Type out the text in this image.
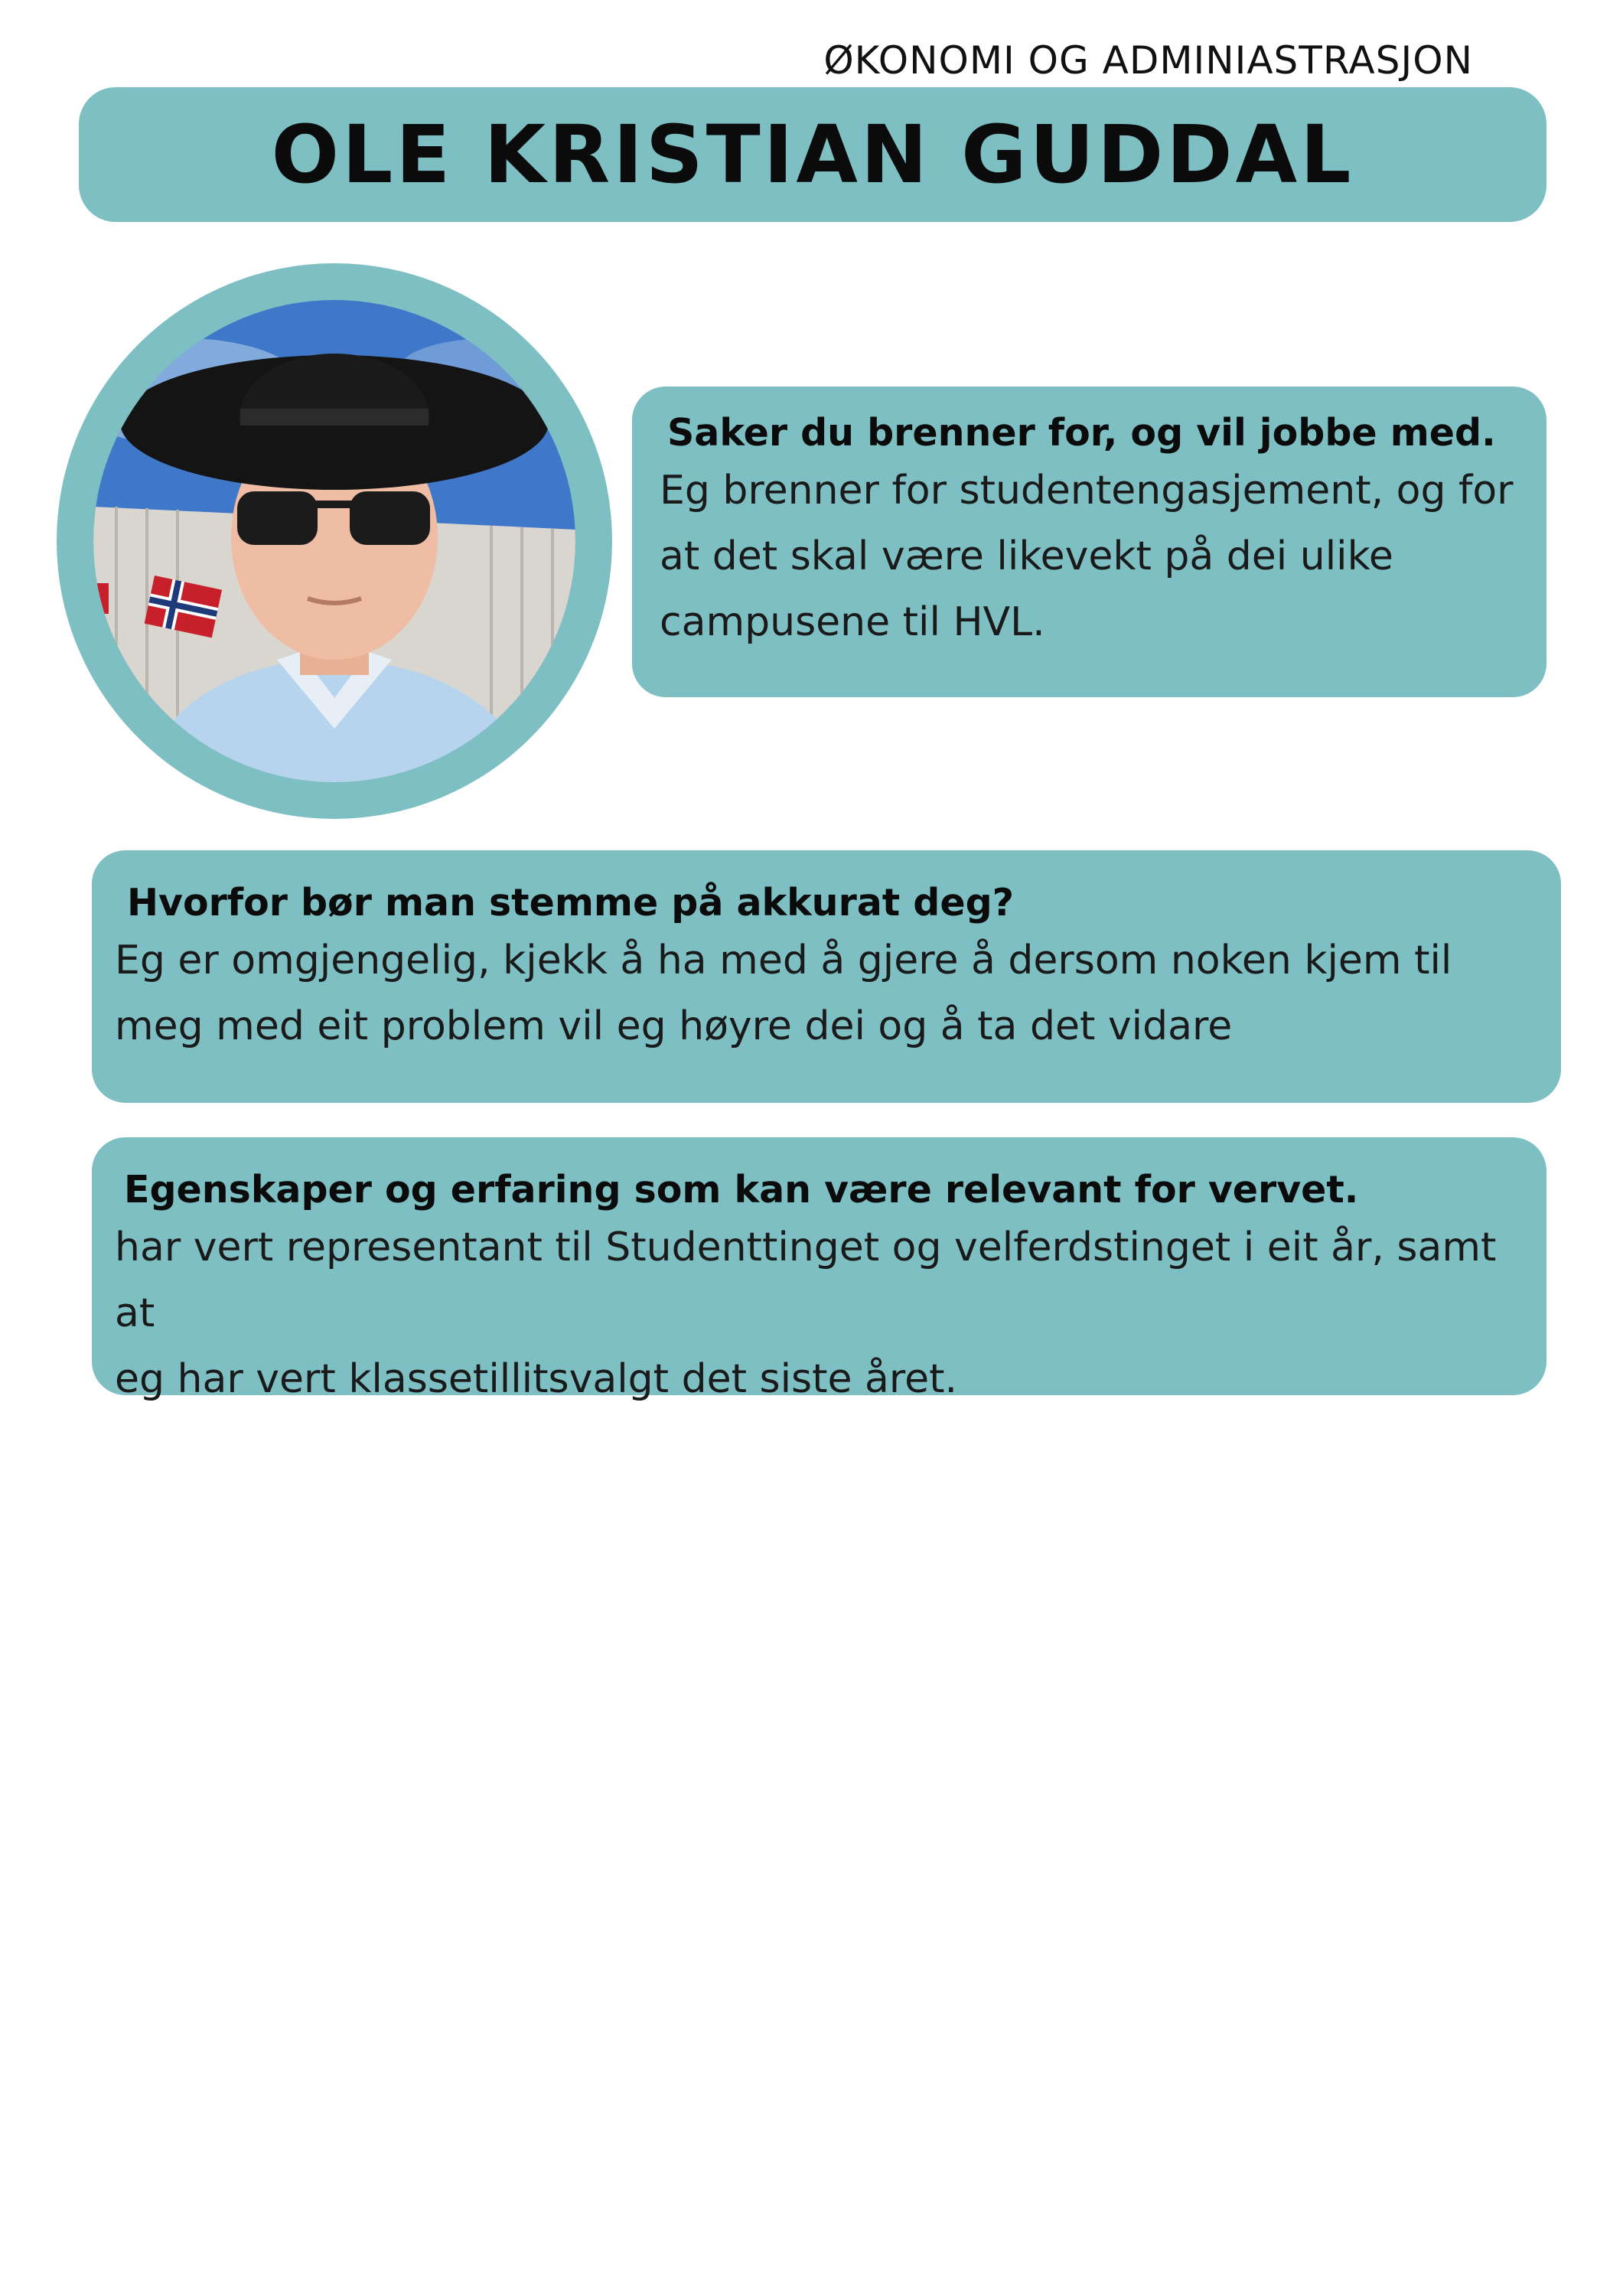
ØKONOMI OG ADMINIASTRASJON
OLE KRISTIAN GUDDAL
Saker du brenner for, og vil jobbe med.

Eg brenner for studentengasjement, og for

at det skal være likevekt på dei ulike

campusene til HVL.

Hvorfor bør man stemme på akkurat deg?

Eg er omgjengelig, kjekk å ha med å gjere å dersom noken kjem til

meg med eit problem vil eg høyre dei og å ta det vidare

Egenskaper og erfaring som kan være relevant for vervet.

har vert representant til Studenttinget og velferdstinget i eit år, samt at

eg har vert klassetillitsvalgt det siste året.
